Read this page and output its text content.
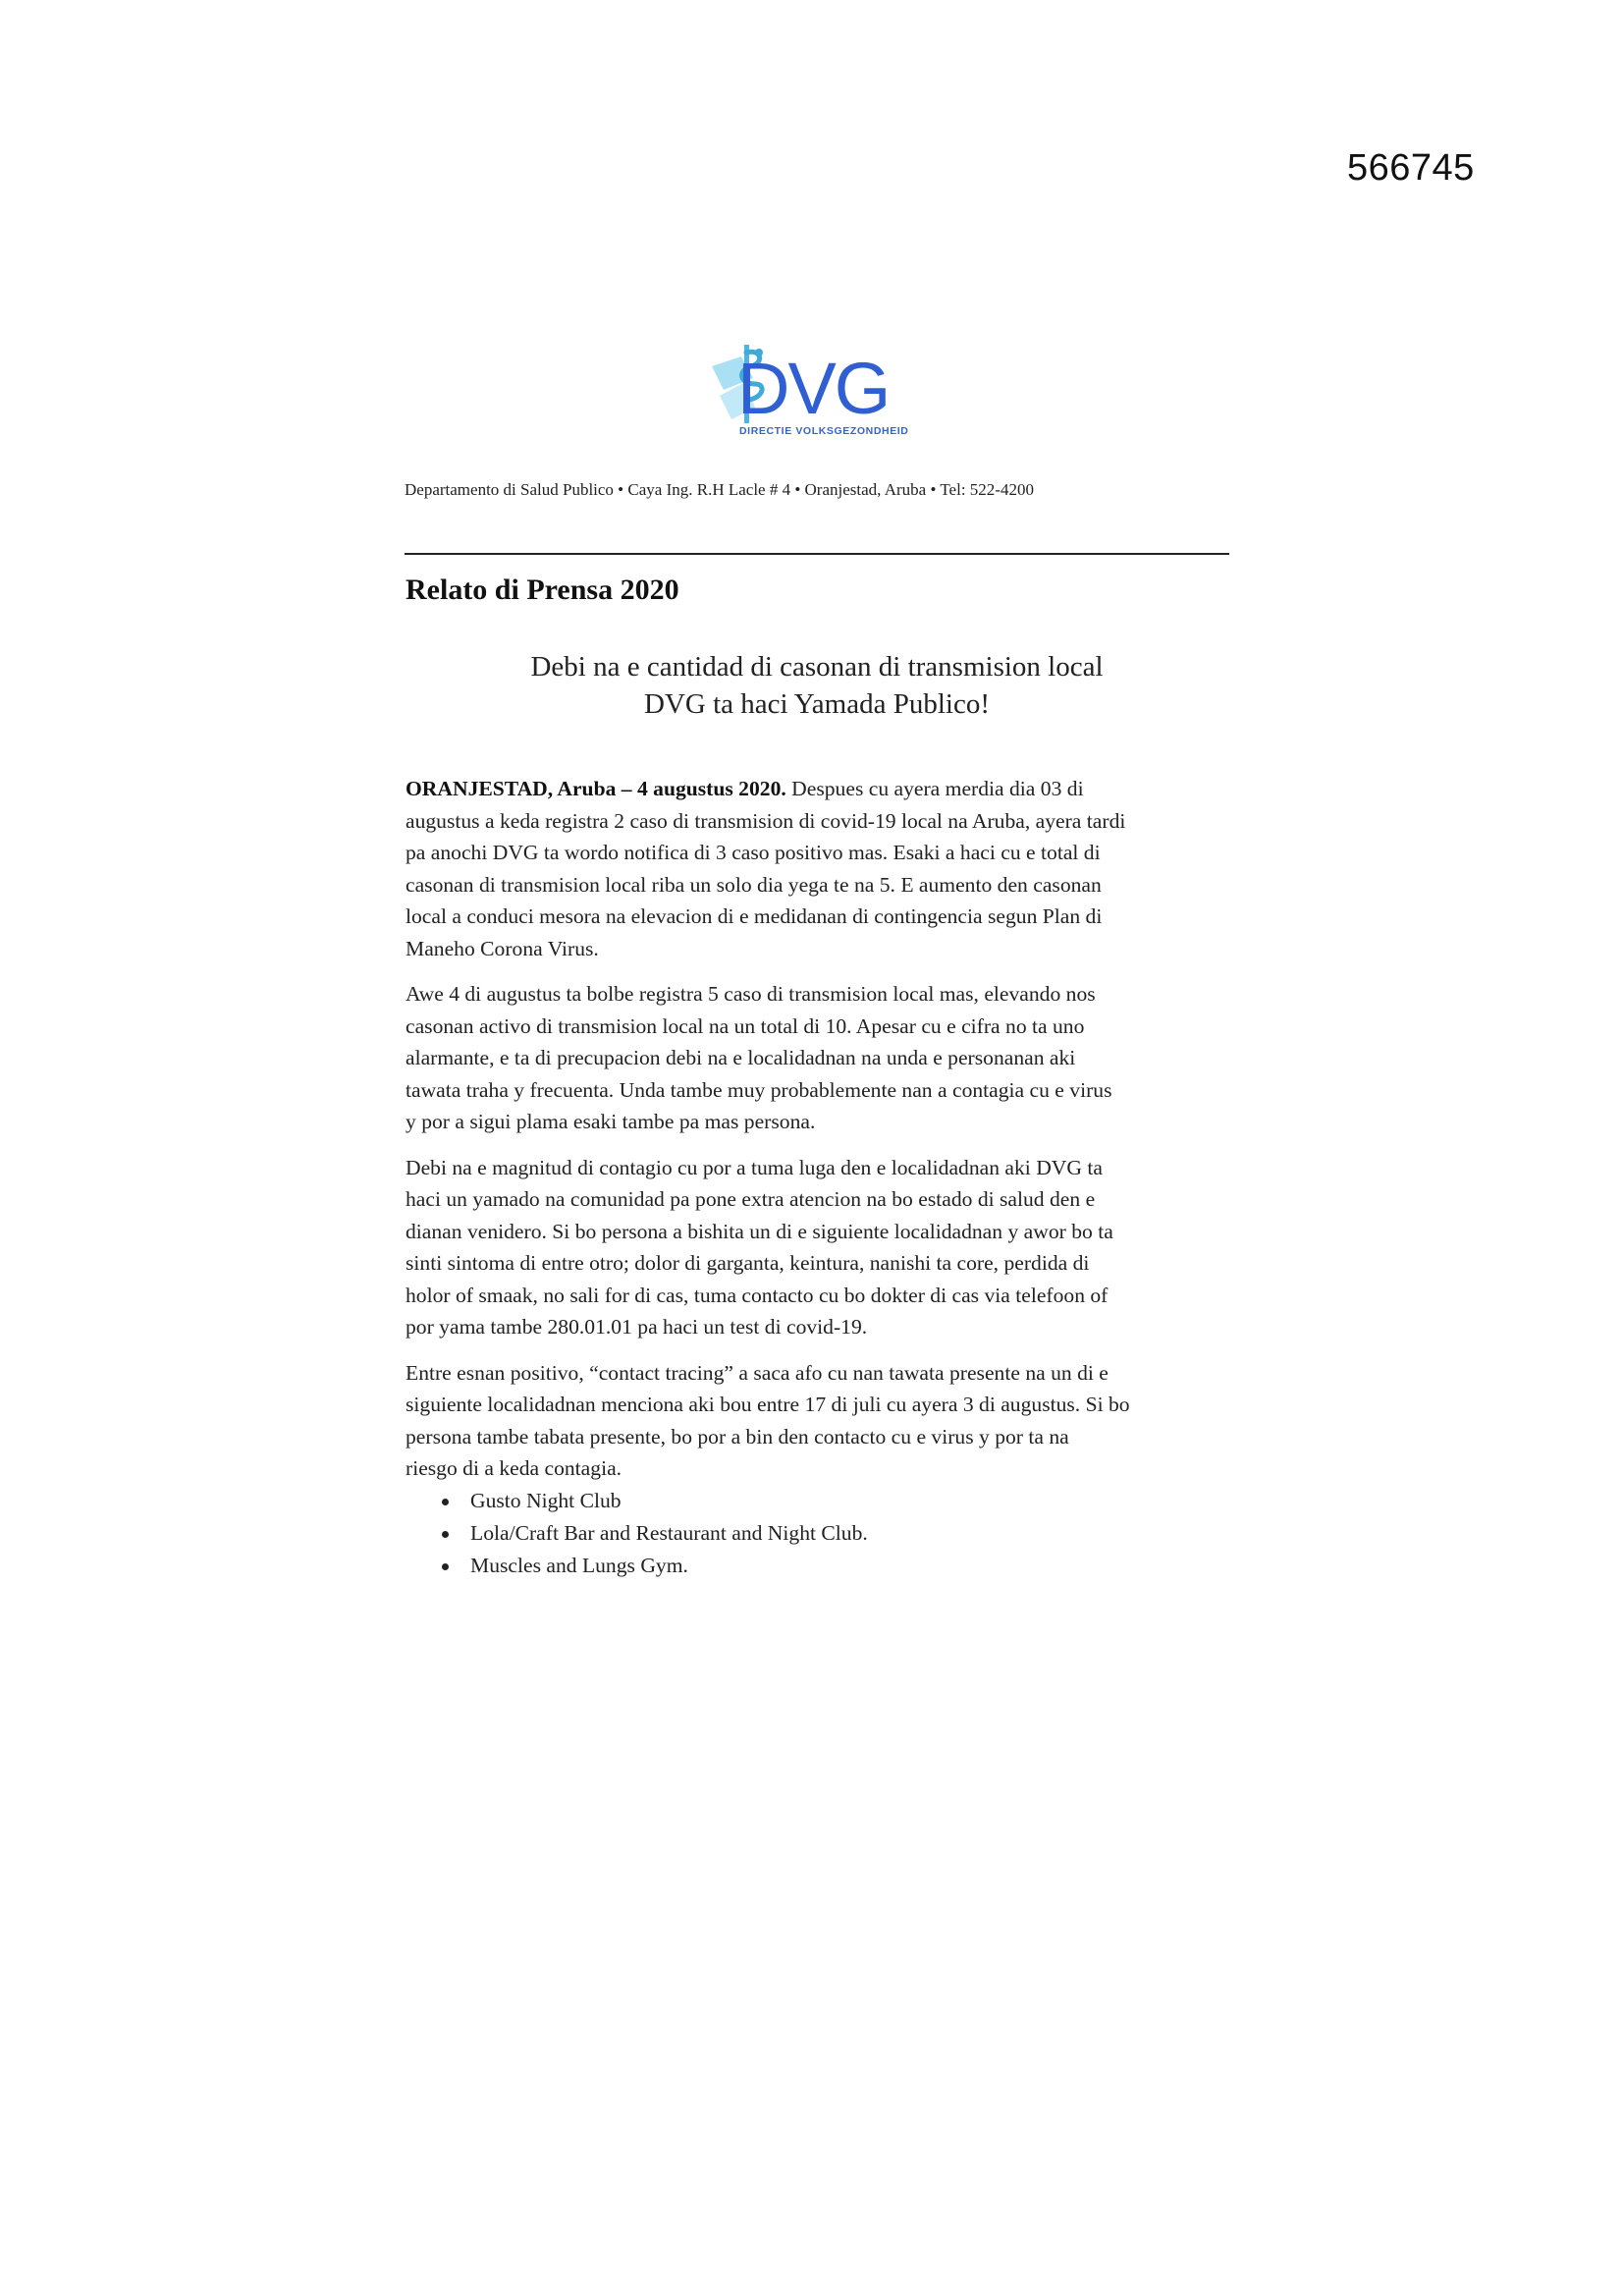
566745
DVG
DIRECTIE VOLKSGEZONDHEID
Departamento di Salud Publico • Caya Ing. R.H Lacle # 4 • Oranjestad, Aruba • Tel: 522-4200
Relato di Prensa 2020
Debi na e cantidad di casonan di transmision local
DVG ta haci Yamada Publico!
ORANJESTAD, Aruba – 4 augustus 2020. Despues cu ayera merdia dia 03 di
augustus a keda registra 2 caso di transmision di covid-19 local na Aruba, ayera tardi
pa anochi DVG ta wordo notifica di 3 caso positivo mas. Esaki a haci cu e total di
casonan di transmision local riba un solo dia yega te na 5. E aumento den casonan
local a conduci mesora na elevacion di e medidanan di contingencia segun Plan di
Maneho Corona Virus.
Awe 4 di augustus ta bolbe registra 5 caso di transmision local mas, elevando nos
casonan activo di transmision local na un total di 10. Apesar cu e cifra no ta uno
alarmante, e ta di precupacion debi na e localidadnan na unda e personanan aki
tawata traha y frecuenta. Unda tambe muy probablemente nan a contagia cu e virus
y por a sigui plama esaki tambe pa mas persona.
Debi na e magnitud di contagio cu por a tuma luga den e localidadnan aki DVG ta
haci un yamado na comunidad pa pone extra atencion na bo estado di salud den e
dianan venidero. Si bo persona a bishita un di e siguiente localidadnan y awor bo ta
sinti sintoma di entre otro; dolor di garganta, keintura, nanishi ta core, perdida di
holor of smaak, no sali for di cas, tuma contacto cu bo dokter di cas via telefoon of
por yama tambe 280.01.01 pa haci un test di covid-19.
Entre esnan positivo, “contact tracing” a saca afo cu nan tawata presente na un di e
siguiente localidadnan menciona aki bou entre 17 di juli cu ayera 3 di augustus. Si bo
persona tambe tabata presente, bo por a bin den contacto cu e virus y por ta na
riesgo di a keda contagia.
Gusto Night Club
Lola/Craft Bar and Restaurant and Night Club.
Muscles and Lungs Gym.
